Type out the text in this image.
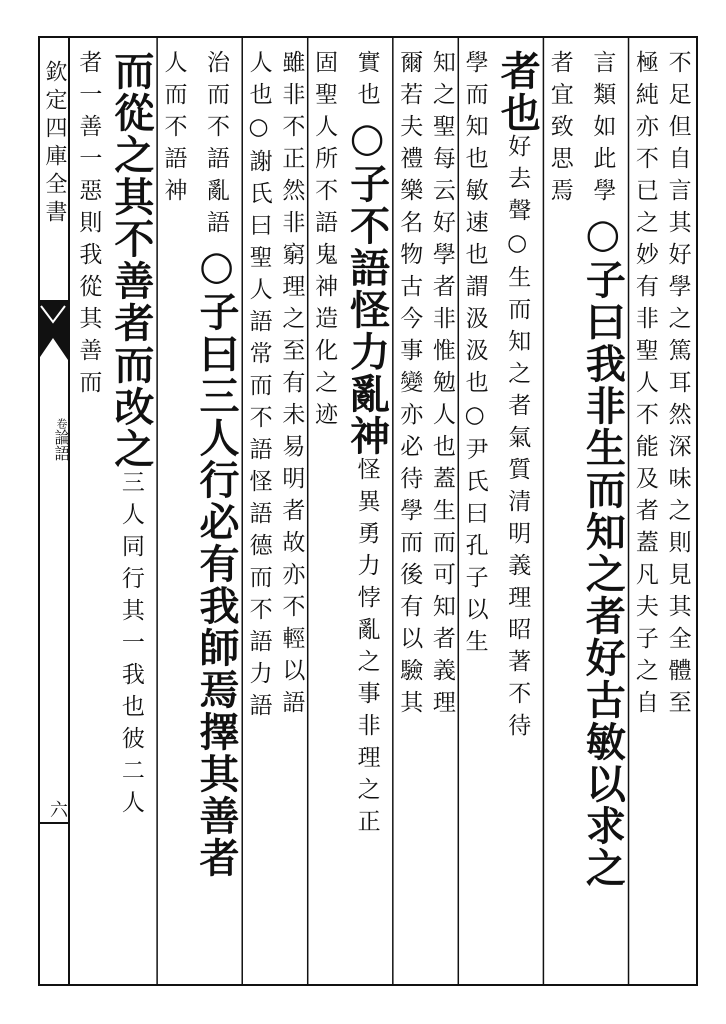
欽定四庫全書
卷論語
六
不足但自言其好學之篤耳然深味之則見其全體至
極純亦不已之妙有非聖人不能及者蓋凡夫子之自
言類如此學
○子曰我非生而知之者好古敏以求之
者宜致思焉
者也
好去聲○生而知之者氣質清明義理昭著不待
學而知也敏速也謂汲汲也○尹氏曰孔子以生
知之聖每云好學者非惟勉人也蓋生而可知者義理
爾若夫禮樂名物古今事變亦必待學而後有以驗其
實也
○子不語怪力亂神
怪異勇力悖亂之事非理之正
固聖人所不語鬼神造化之迹
雖非不正然非窮理之至有未易明者故亦不輕以語
人也○謝氏曰聖人語常而不語怪語德而不語力語
治而不語亂語
○子曰三人行必有我師焉擇其善者
人而不語神
而從之其不善者而改之
三人同行其一我也彼二人
者一善一惡則我從其善而
